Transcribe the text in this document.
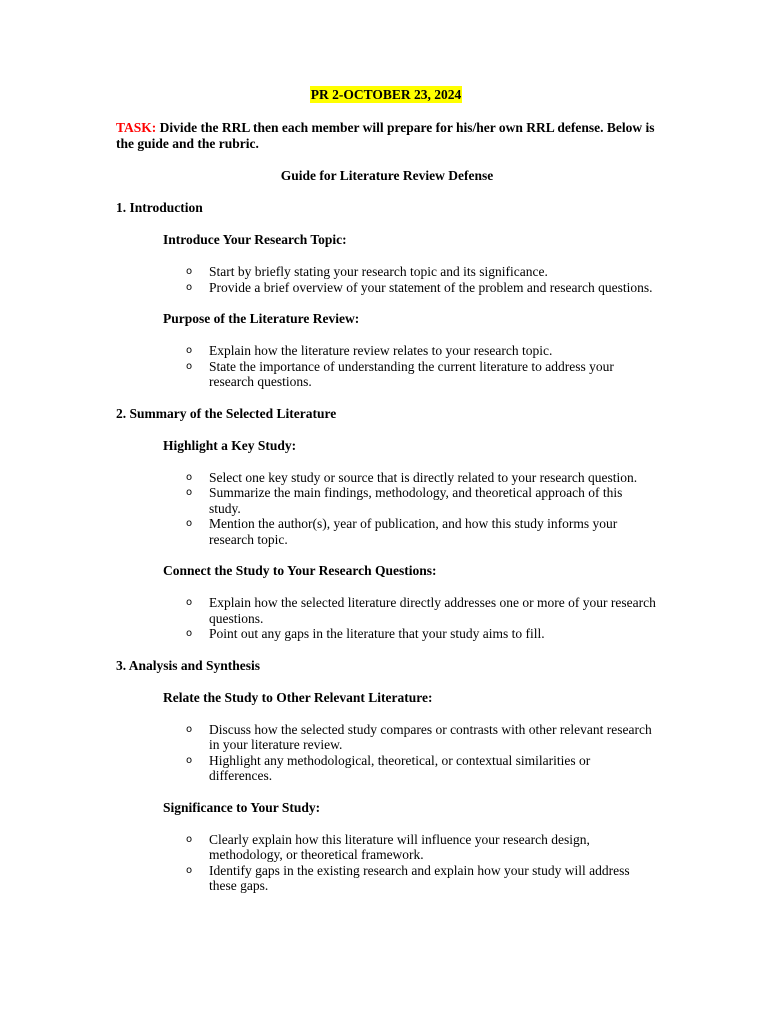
PR 2-OCTOBER 23, 2024
TASK: Divide the RRL then each member will prepare for his/her own RRL defense. Below is the guide and the rubric.
Guide for Literature Review Defense
1. Introduction
Introduce Your Research Topic:
o Start by briefly stating your research topic and its significance.
o Provide a brief overview of your statement of the problem and research questions.
Purpose of the Literature Review:
o Explain how the literature review relates to your research topic.
o State the importance of understanding the current literature to address your research questions.
2. Summary of the Selected Literature
Highlight a Key Study:
o Select one key study or source that is directly related to your research question.
o Summarize the main findings, methodology, and theoretical approach of this study.
o Mention the author(s), year of publication, and how this study informs your research topic.
Connect the Study to Your Research Questions:
o Explain how the selected literature directly addresses one or more of your research questions.
o Point out any gaps in the literature that your study aims to fill.
3. Analysis and Synthesis
Relate the Study to Other Relevant Literature:
o Discuss how the selected study compares or contrasts with other relevant research in your literature review.
o Highlight any methodological, theoretical, or contextual similarities or differences.
Significance to Your Study:
o Clearly explain how this literature will influence your research design, methodology, or theoretical framework.
o Identify gaps in the existing research and explain how your study will address these gaps.
